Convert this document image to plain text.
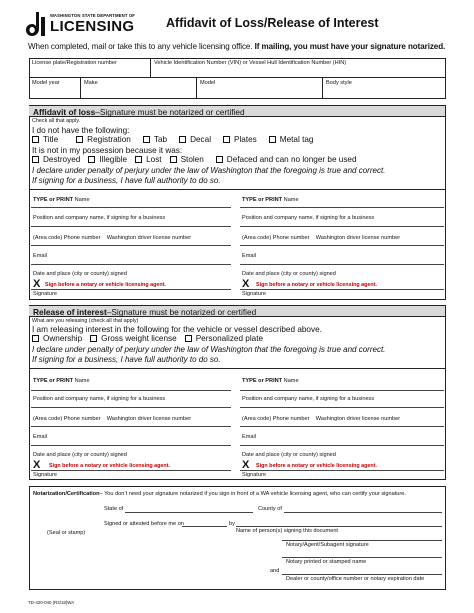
WASHINGTON STATE DEPARTMENT OF
LICENSING	Affidavit of Loss/Release of Interest
When completed, mail or take this to any vehicle licensing office. If mailing, you must have your signature notarized.
License plate/Registration number	Vehicle Identification Number (VIN) or Vessel Hull Identification Number (HIN)
Model year	Make	Model	Body style
Affidavit of loss–Signature must be notarized or certified
Check all that apply.
I do not have the following:
Title	Registration	Tab	Decal	Plates	Metal tag
It is not in my possession because it was:
Destroyed Illegible Lost Stolen	Defaced and can no longer be used
I declare under penalty of perjury under the law of Washington that the foregoing is true and correct.
If signing for a business, I have full authority to do so.
TYPE or PRINT Name
Position and company name, if signing for a business
(Area code) Phone number Washington driver license number
Email
Date and place (city or county) signed
X Sign before a notary or vehicle licensing agent.
Signature
TYPE or PRINT Name
Position and company name, if signing for a business
(Area code) Phone number Washington driver license number
Email
Date and place (city or county) signed
X Sign before a notary or vehicle licensing agent.
Signature
Release of interest–Signature must be notarized or certified
What are you releasing (check all that apply)
I am releasing interest in the following for the vehicle or vessel described above.
Ownership Gross weight license Personalized plate
I declare under penalty of perjury under the law of Washington that the foregoing is true and correct.
If signing for a business, I have full authority to do so.
TYPE or PRINT Name
Position and company name, if signing for a business
(Area code) Phone number Washington driver license number
Email
Date and place (city or county) signed
X Sign before a notary or vehicle licensing agent.
Signature
TYPE or PRINT Name
Position and company name, if signing for a business
(Area code) Phone number Washington driver license number
Email
Date and place (city or county) signed
X Sign before a notary or vehicle licensing agent.
Signature
Notarization/Certification– You don’t need your signature notarized if you sign in front of a WA vehicle licensing agent, who can certify your signature.
State of	County of
Signed or attested before me on	by
Name of person(s) signing this document
(Seal or stamp)
Notary/Agent/Subagent signature
Notary printed or stamped name
and
Dealer or county/office number or notary expiration date
TD-420-040 (R3/18)WA
